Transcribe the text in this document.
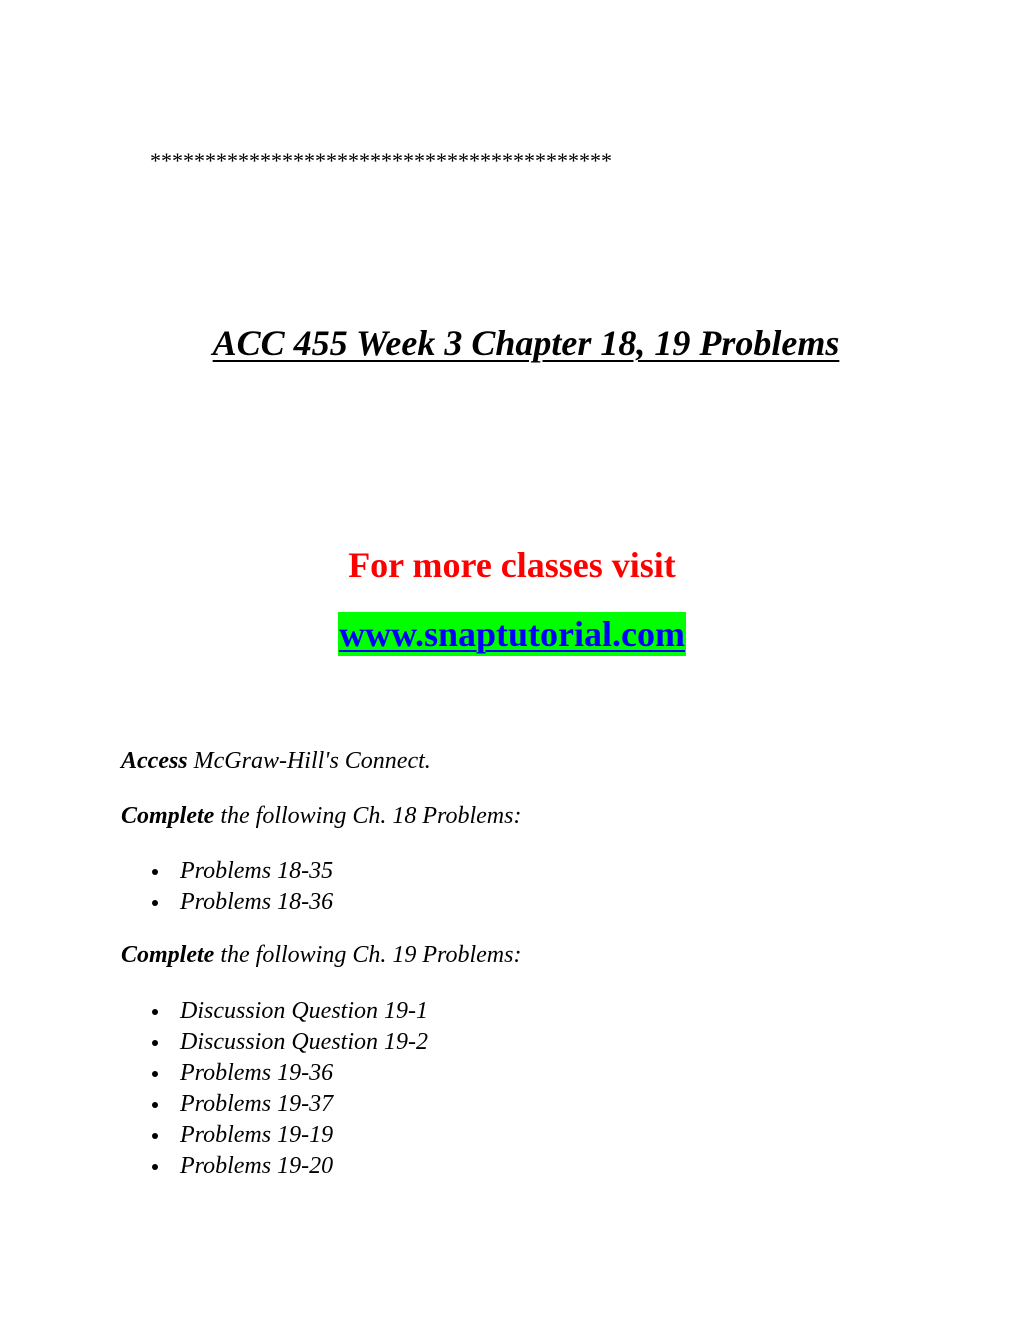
******************************************
ACC 455 Week 3 Chapter 18, 19 Problems
For more classes visit
www.snaptutorial.com
Access McGraw-Hill's Connect.
Complete the following Ch. 18 Problems:
Problems 18-35
Problems 18-36
Complete the following Ch. 19 Problems:
Discussion Question 19-1
Discussion Question 19-2
Problems 19-36
Problems 19-37
Problems 19-19
Problems 19-20
